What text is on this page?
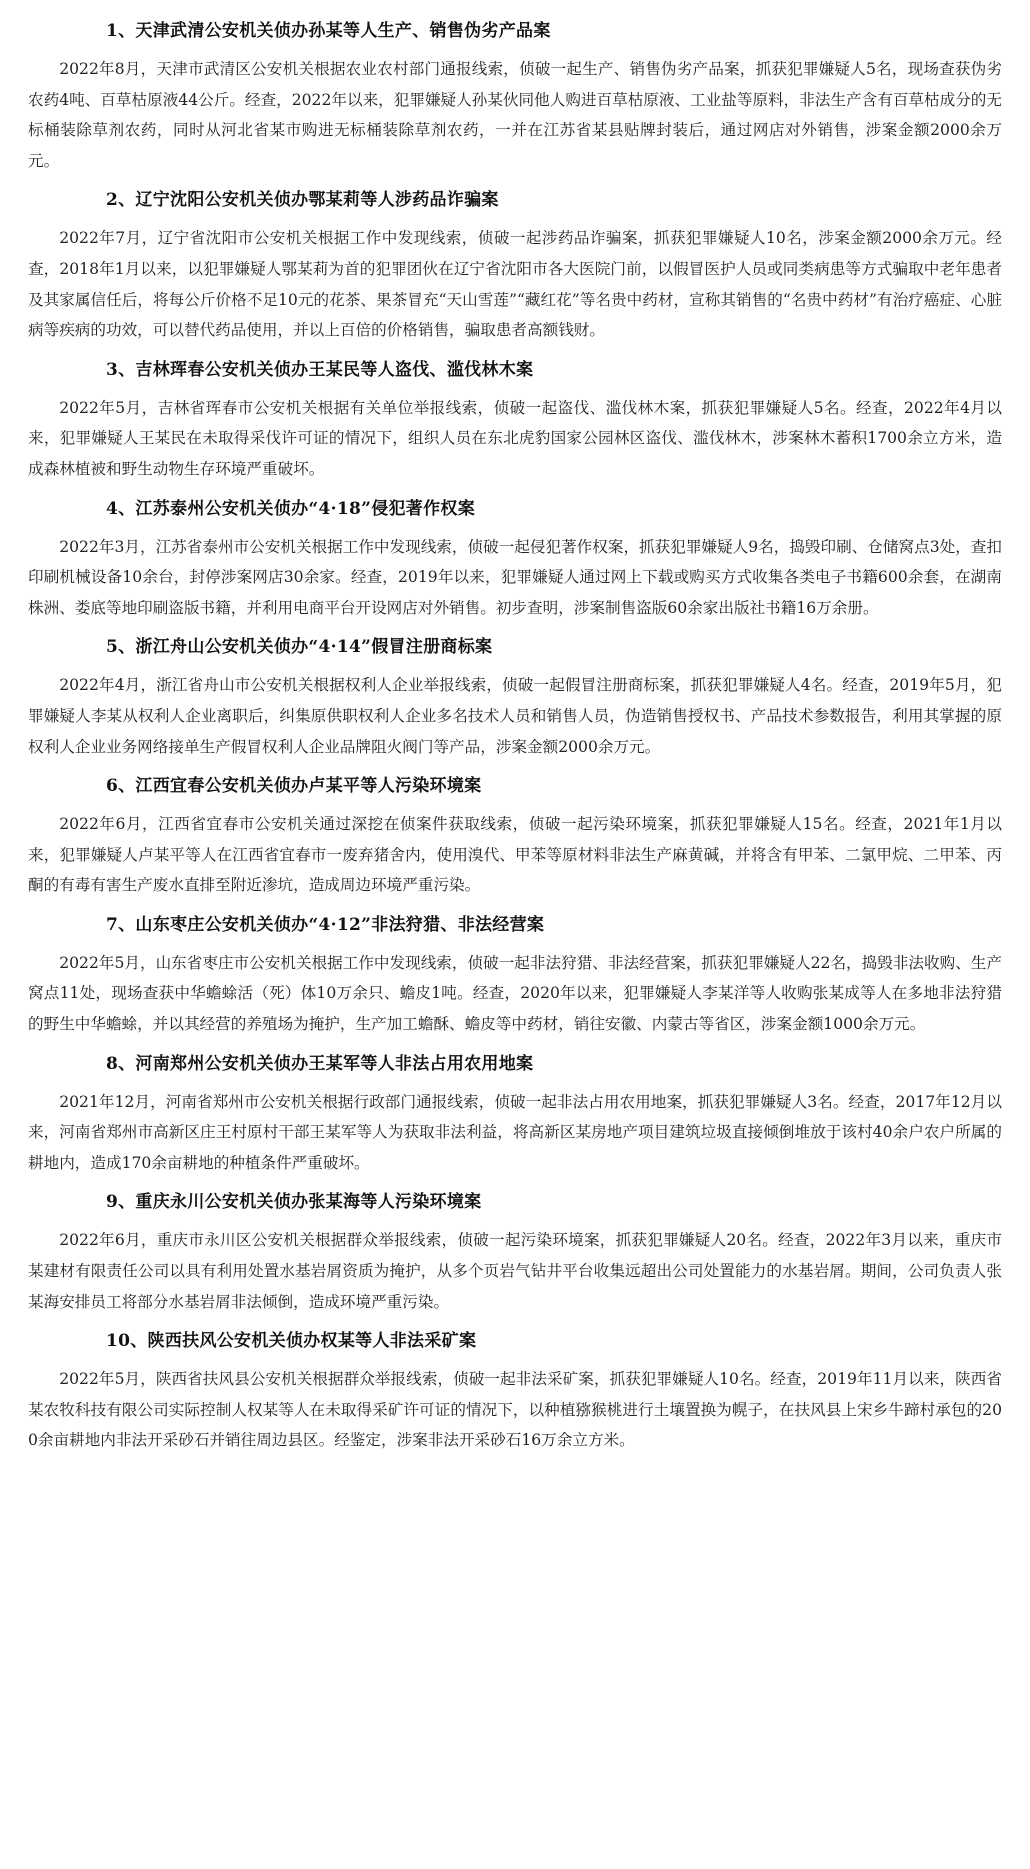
1、天津武清公安机关侦办孙某等人生产、销售伪劣产品案

2022年8月，天津市武清区公安机关根据农业农村部门通报线索，侦破一起生产、销售伪劣产品案，抓获犯罪嫌疑人5名，现场查获伪劣农药4吨、百草枯原液44公斤。经查，2022年以来，犯罪嫌疑人孙某伙同他人购进百草枯原液、工业盐等原料，非法生产含有百草枯成分的无标桶装除草剂农药，同时从河北省某市购进无标桶装除草剂农药，一并在江苏省某县贴牌封装后，通过网店对外销售，涉案金额2000余万元。

2、辽宁沈阳公安机关侦办鄂某莉等人涉药品诈骗案

2022年7月，辽宁省沈阳市公安机关根据工作中发现线索，侦破一起涉药品诈骗案，抓获犯罪嫌疑人10名，涉案金额2000余万元。经查，2018年1月以来，以犯罪嫌疑人鄂某莉为首的犯罪团伙在辽宁省沈阳市各大医院门前，以假冒医护人员或同类病患等方式骗取中老年患者及其家属信任后，将每公斤价格不足10元的花茶、果茶冒充“天山雪莲”“藏红花”等名贵中药材，宣称其销售的“名贵中药材”有治疗癌症、心脏病等疾病的功效，可以替代药品使用，并以上百倍的价格销售，骗取患者高额钱财。

3、吉林珲春公安机关侦办王某民等人盗伐、滥伐林木案

2022年5月，吉林省珲春市公安机关根据有关单位举报线索，侦破一起盗伐、滥伐林木案，抓获犯罪嫌疑人5名。经查，2022年4月以来，犯罪嫌疑人王某民在未取得采伐许可证的情况下，组织人员在东北虎豹国家公园林区盗伐、滥伐林木，涉案林木蓄积1700余立方米，造成森林植被和野生动物生存环境严重破坏。

4、江苏泰州公安机关侦办“4·18”侵犯著作权案

2022年3月，江苏省泰州市公安机关根据工作中发现线索，侦破一起侵犯著作权案，抓获犯罪嫌疑人9名，捣毁印刷、仓储窝点3处，查扣印刷机械设备10余台，封停涉案网店30余家。经查，2019年以来，犯罪嫌疑人通过网上下载或购买方式收集各类电子书籍600余套，在湖南株洲、娄底等地印刷盗版书籍，并利用电商平台开设网店对外销售。初步查明，涉案制售盗版60余家出版社书籍16万余册。

5、浙江舟山公安机关侦办“4·14”假冒注册商标案

2022年4月，浙江省舟山市公安机关根据权利人企业举报线索，侦破一起假冒注册商标案，抓获犯罪嫌疑人4名。经查，2019年5月，犯罪嫌疑人李某从权利人企业离职后，纠集原供职权利人企业多名技术人员和销售人员，伪造销售授权书、产品技术参数报告，利用其掌握的原权利人企业业务网络接单生产假冒权利人企业品牌阻火阀门等产品，涉案金额2000余万元。

6、江西宜春公安机关侦办卢某平等人污染环境案

2022年6月，江西省宜春市公安机关通过深挖在侦案件获取线索，侦破一起污染环境案，抓获犯罪嫌疑人15名。经查，2021年1月以来，犯罪嫌疑人卢某平等人在江西省宜春市一废弃猪舍内，使用溴代、甲苯等原材料非法生产麻黄碱，并将含有甲苯、二氯甲烷、二甲苯、丙酮的有毒有害生产废水直排至附近渗坑，造成周边环境严重污染。

7、山东枣庄公安机关侦办“4·12”非法狩猎、非法经营案

2022年5月，山东省枣庄市公安机关根据工作中发现线索，侦破一起非法狩猎、非法经营案，抓获犯罪嫌疑人22名，捣毁非法收购、生产窝点11处，现场查获中华蟾蜍活（死）体10万余只、蟾皮1吨。经查，2020年以来，犯罪嫌疑人李某洋等人收购张某成等人在多地非法狩猎的野生中华蟾蜍，并以其经营的养殖场为掩护，生产加工蟾酥、蟾皮等中药材，销往安徽、内蒙古等省区，涉案金额1000余万元。

8、河南郑州公安机关侦办王某军等人非法占用农用地案

2021年12月，河南省郑州市公安机关根据行政部门通报线索，侦破一起非法占用农用地案，抓获犯罪嫌疑人3名。经查，2017年12月以来，河南省郑州市高新区庄王村原村干部王某军等人为获取非法利益，将高新区某房地产项目建筑垃圾直接倾倒堆放于该村40余户农户所属的耕地内，造成170余亩耕地的种植条件严重破坏。

9、重庆永川公安机关侦办张某海等人污染环境案

2022年6月，重庆市永川区公安机关根据群众举报线索，侦破一起污染环境案，抓获犯罪嫌疑人20名。经查，2022年3月以来，重庆市某建材有限责任公司以具有利用处置水基岩屑资质为掩护，从多个页岩气钻井平台收集远超出公司处置能力的水基岩屑。期间，公司负责人张某海安排员工将部分水基岩屑非法倾倒，造成环境严重污染。

10、陕西扶风公安机关侦办权某等人非法采矿案

2022年5月，陕西省扶风县公安机关根据群众举报线索，侦破一起非法采矿案，抓获犯罪嫌疑人10名。经查，2019年11月以来，陕西省某农牧科技有限公司实际控制人权某等人在未取得采矿许可证的情况下，以种植猕猴桃进行土壤置换为幌子，在扶风县上宋乡牛蹄村承包的200余亩耕地内非法开采砂石并销往周边县区。经鉴定，涉案非法开采砂石16万余立方米。
